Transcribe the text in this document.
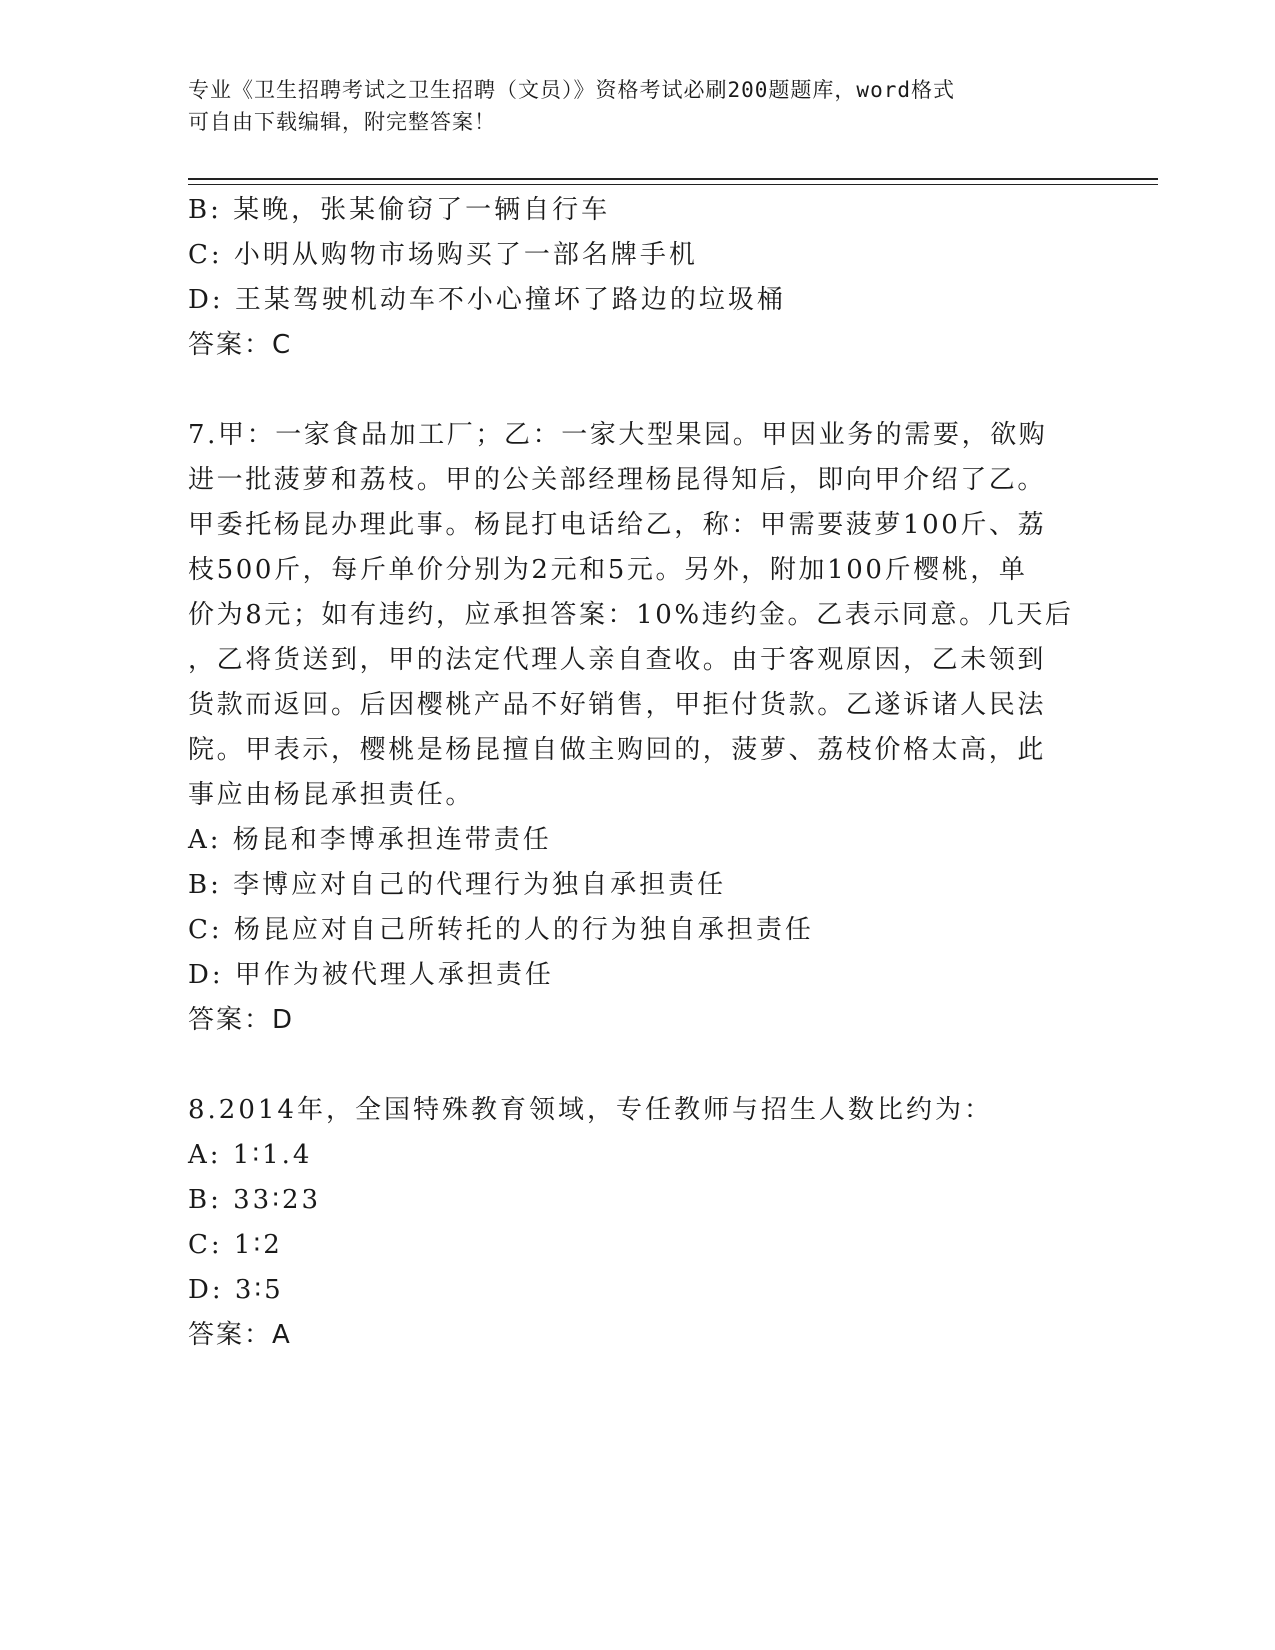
专业《卫生招聘考试之卫生招聘（文员）》资格考试必刷200题题库，word格式
可自由下载编辑，附完整答案！
B: 某晚，张某偷窃了一辆自行车
C: 小明从购物市场购买了一部名牌手机
D: 王某驾驶机动车不小心撞坏了路边的垃圾桶
答案：C
7.甲：一家食品加工厂；乙：一家大型果园。甲因业务的需要，欲购
进一批菠萝和荔枝。甲的公关部经理杨昆得知后，即向甲介绍了乙。
甲委托杨昆办理此事。杨昆打电话给乙，称：甲需要菠萝100斤、荔
枝500斤，每斤单价分别为2元和5元。另外，附加100斤樱桃，单
价为8元；如有违约，应承担答案：10%违约金。乙表示同意。几天后
，乙将货送到，甲的法定代理人亲自查收。由于客观原因，乙未领到
货款而返回。后因樱桃产品不好销售，甲拒付货款。乙遂诉诸人民法
院。甲表示，樱桃是杨昆擅自做主购回的，菠萝、荔枝价格太高，此
事应由杨昆承担责任。
A: 杨昆和李博承担连带责任
B: 李博应对自己的代理行为独自承担责任
C: 杨昆应对自己所转托的人的行为独自承担责任
D: 甲作为被代理人承担责任
答案：D
8.2014年，全国特殊教育领域，专任教师与招生人数比约为：
A: 1∶1.4
B: 33∶23
C: 1∶2
D: 3∶5
答案：A
